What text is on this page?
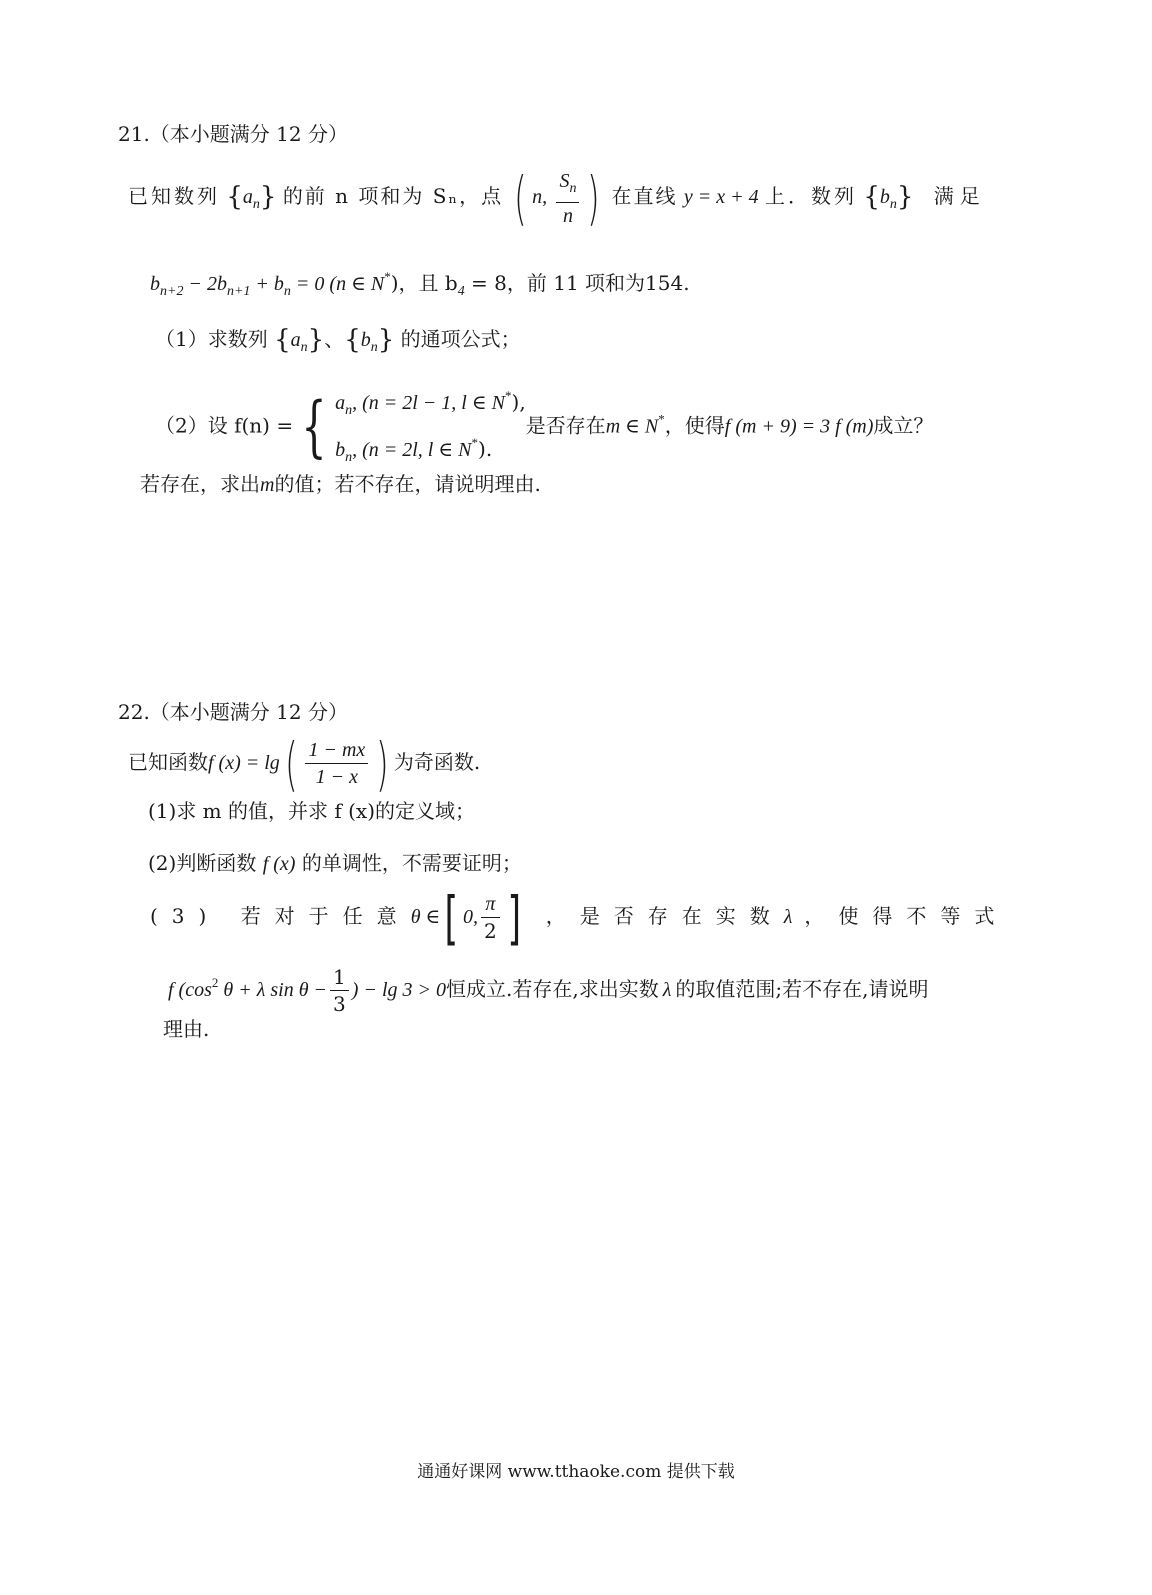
21.（本小题满分 12 分）
已知数列 $\{a_n\}$ 的前 n 项和为 Sₙ，点 ( n, $\frac{S_n}{n}$ ) 在直线 y = x + 4 上．数列 $\{b_n\}$ 满足
$b_{n+2} - 2b_{n+1} + b_n = 0$ (n ∈ N*)，且 $b_4 = 8$，前 11 项和为154.
（1）求数列 $\{a_n\}$、$\{b_n\}$ 的通项公式；
（2）设 f(n) = { $a_n$, (n = 2l − 1, l ∈ N*),
$b_n$, (n = 2l, l ∈ N*).
是否存在m ∈ N*，使得f (m + 9) = 3 f (m)成立？
若存在，求出m的值；若不存在，请说明理由.
22.（本小题满分 12 分）
已知函数f $(x) = \lg( \frac{1 - mx}{1 - x}$ ) 为奇函数.
(1)求 m 的值，并求 f (x)的定义域；
(2)判断函数 f (x) 的单调性，不需要证明；
(3) 若对于任意θ ∈[ 0, $\frac{\pi}{2}$ ] ，是否存在实数λ ，使得不等式
f ($\cos^2$ θ + λ $\sin \theta - \frac{1}{3}$ ) − lg 3 > 0恒成立.若存在,求出实数 λ 的取值范围;若不存在,请说明
理由.
通通好课网 www.tthaoke.com 提供下载
